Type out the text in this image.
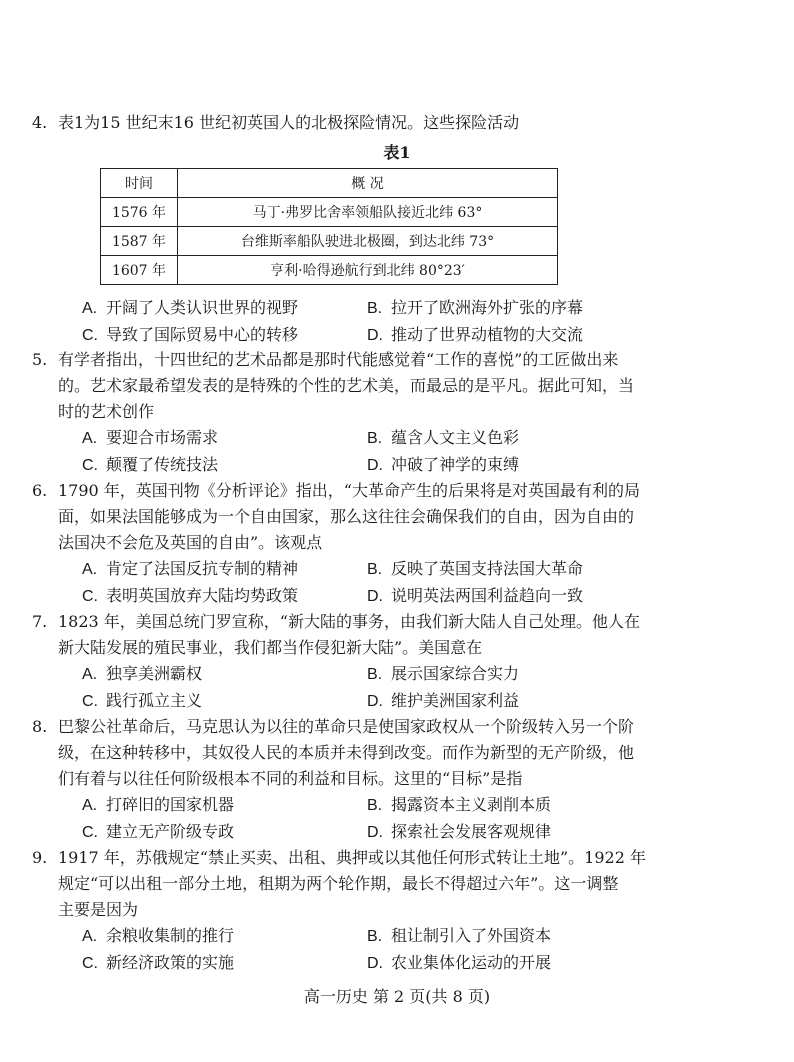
4. 表1为15 世纪末16 世纪初英国人的北极探险情况。这些探险活动
表1
时间	概 况
1576 年	马丁·弗罗比舍率领船队接近北纬 63°
1587 年	台维斯率船队驶进北极圈，到达北纬 73°
1607 年	亨利·哈得逊航行到北纬 80°23′
A. 开阔了人类认识世界的视野	B. 拉开了欧洲海外扩张的序幕
C. 导致了国际贸易中心的转移	D. 推动了世界动植物的大交流
5. 有学者指出，十四世纪的艺术品都是那时代能感觉着“工作的喜悦”的工匠做出来
的。艺术家最希望发表的是特殊的个性的艺术美，而最忌的是平凡。据此可知，当
时的艺术创作
A. 要迎合市场需求	B. 蕴含人文主义色彩
C. 颠覆了传统技法	D. 冲破了神学的束缚
6. 1790 年，英国刊物《分析评论》指出，“大革命产生的后果将是对英国最有利的局
面，如果法国能够成为一个自由国家，那么这往往会确保我们的自由，因为自由的
法国决不会危及英国的自由”。该观点
A. 肯定了法国反抗专制的精神	B. 反映了英国支持法国大革命
C. 表明英国放弃大陆均势政策	D. 说明英法两国利益趋向一致
7. 1823 年，美国总统门罗宣称，“新大陆的事务，由我们新大陆人自己处理。他人在
新大陆发展的殖民事业，我们都当作侵犯新大陆”。美国意在
A. 独享美洲霸权	B. 展示国家综合实力
C. 践行孤立主义	D. 维护美洲国家利益
8. 巴黎公社革命后，马克思认为以往的革命只是使国家政权从一个阶级转入另一个阶
级，在这种转移中，其奴役人民的本质并未得到改变。而作为新型的无产阶级，他
们有着与以往任何阶级根本不同的利益和目标。这里的“目标”是指
A. 打碎旧的国家机器	B. 揭露资本主义剥削本质
C. 建立无产阶级专政	D. 探索社会发展客观规律
9. 1917 年，苏俄规定“禁止买卖、出租、典押或以其他任何形式转让土地”。1922 年
规定“可以出租一部分土地，租期为两个轮作期，最长不得超过六年”。这一调整
主要是因为
A. 余粮收集制的推行	B. 租让制引入了外国资本
C. 新经济政策的实施	D. 农业集体化运动的开展
高一历史 第 2 页(共 8 页)
